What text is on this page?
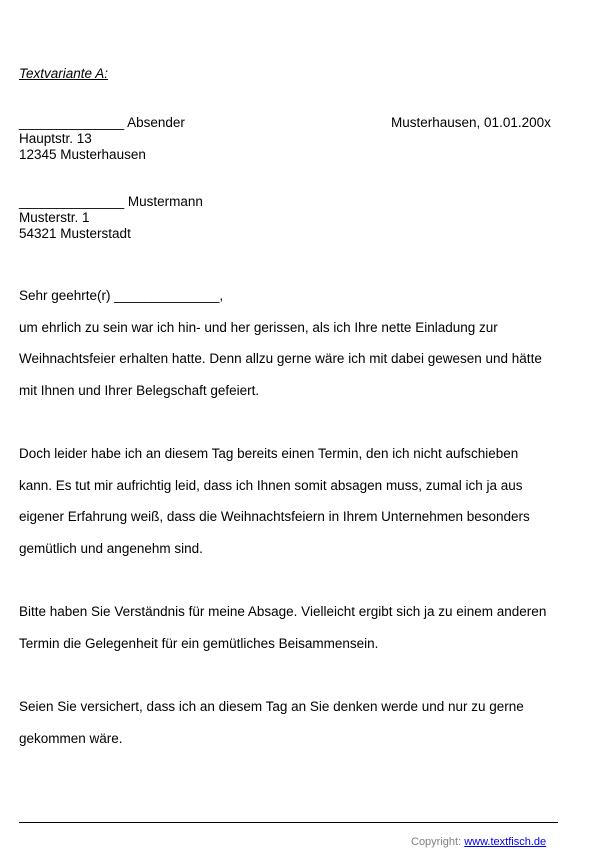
Textvariante A:
______________ Absender
Hauptstr. 13
12345 Musterhausen
Musterhausen, 01.01.200x
______________ Mustermann
Musterstr. 1
54321 Musterstadt
Sehr geehrte(r) ______________,
um ehrlich zu sein war ich hin- und her gerissen, als ich Ihre nette Einladung zur
Weihnachtsfeier erhalten hatte. Denn allzu gerne wäre ich mit dabei gewesen und hätte
mit Ihnen und Ihrer Belegschaft gefeiert.
Doch leider habe ich an diesem Tag bereits einen Termin, den ich nicht aufschieben
kann. Es tut mir aufrichtig leid, dass ich Ihnen somit absagen muss, zumal ich ja aus
eigener Erfahrung weiß, dass die Weihnachtsfeiern in Ihrem Unternehmen besonders
gemütlich und angenehm sind.
Bitte haben Sie Verständnis für meine Absage. Vielleicht ergibt sich ja zu einem anderen
Termin die Gelegenheit für ein gemütliches Beisammensein.
Seien Sie versichert, dass ich an diesem Tag an Sie denken werde und nur zu gerne
gekommen wäre.
Copyright: www.textfisch.de
